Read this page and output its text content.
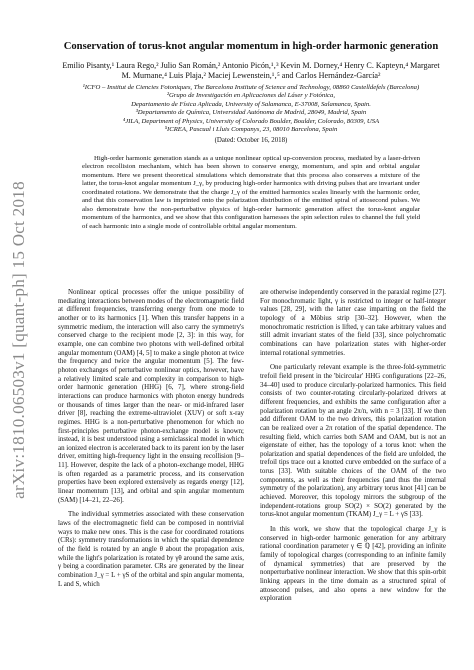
arXiv:1810.06503v1 [quant-ph] 15 Oct 2018
Conservation of torus-knot angular momentum in high-order harmonic generation
Emilio Pisanty,¹ Laura Rego,² Julio San Román,² Antonio Picón,¹‚³ Kevin M. Dorney,⁴ Henry C. Kapteyn,⁴ Margaret M. Murnane,⁴ Luis Plaja,² Maciej Lewenstein,¹‚⁵ and Carlos Hernández-García²
¹ICFO – Institut de Ciencies Fotoniques, The Barcelona Institute of Science and Technology, 08860 Castelldefels (Barcelona)
²Grupo de Investigación en Aplicaciones del Láser y Fotónica,
Departamento de Física Aplicada, University of Salamanca, E-37008, Salamanca, Spain.
³Departamento de Química, Universidad Autónoma de Madrid, 28049, Madrid, Spain
⁴JILA, Department of Physics, University of Colorado Boulder, Boulder, Colorado, 80309, USA
⁵ICREA, Pascual i Lluis Companys, 23, 08010 Barcelona, Spain
(Dated: October 16, 2018)
High-order harmonic generation stands as a unique nonlinear optical up-conversion process, mediated by a laser-driven electron recollision mechanism, which has been shown to conserve energy, momentum, and spin and orbital angular momentum. Here we present theoretical simulations which demonstrate that this process also conserves a mixture of the latter, the torus-knot angular momentum J_γ, by producing high-order harmonics with driving pulses that are invariant under coordinated rotations. We demonstrate that the charge J_γ of the emitted harmonics scales linearly with the harmonic order, and that this conservation law is imprinted onto the polarization distribution of the emitted spiral of attosecond pulses. We also demonstrate how the non-perturbative physics of high-order harmonic generation affect the torus-knot angular momentum of the harmonics, and we show that this configuration harnesses the spin selection rules to channel the full yield of each harmonic into a single mode of controllable orbital angular momentum.

Nonlinear optical processes offer the unique possibility of mediating interactions between modes of the electromagnetic field at different frequencies, transferring energy from one mode to another or to its harmonics [1]. When this transfer happens in a symmetric medium, the interaction will also carry the symmetry's conserved charge to the recipient mode [2, 3]: in this way, for example, one can combine two photons with well-defined orbital angular momentum (OAM) [4, 5] to make a single photon at twice the frequency and twice the angular momentum [5]. The few-photon exchanges of perturbative nonlinear optics, however, have a relatively limited scale and complexity in comparison to high-order harmonic generation (HHG) [6, 7], where strong-field interactions can produce harmonics with photon energy hundreds or thousands of times larger than the near- or mid-infrared laser driver [8], reaching the extreme-ultraviolet (XUV) or soft x-ray regimes. HHG is a non-perturbative phenomenon for which no first-principles perturbative photon-exchange model is known; instead, it is best understood using a semiclassical model in which an ionized electron is accelerated back to its parent ion by the laser driver, emitting high-frequency light in the ensuing recollision [9–11]. However, despite the lack of a photon-exchange model, HHG is often regarded as a parametric process, and its conservation properties have been explored extensively as regards energy [12], linear momentum [13], and orbital and spin angular momentum (SAM) [14–21, 22–26].

The individual symmetries associated with these conservation laws of the electromagnetic field can be composed in nontrivial ways to make new ones. This is the case for coordinated rotations (CRs): symmetry transformations in which the spatial dependence of the field is rotated by an angle θ about the propagation axis, while the light's polarization is rotated by γθ around the same axis, γ being a coordination parameter. CRs are generated by the linear combination J_γ = L + γS of the orbital and spin angular momenta, L and S, which

are otherwise independently conserved in the paraxial regime [27]. For monochromatic light, γ is restricted to integer or half-integer values [28, 29], with the latter case imparting on the field the topology of a Möbius strip [30–32]. However, when the monochromatic restriction is lifted, γ can take arbitrary values and still admit invariant states of the field [33], since polychromatic combinations can have polarization states with higher-order internal rotational symmetries.

One particularly relevant example is the three-fold-symmetric trefoil field present in the 'bicircular' HHG configurations [22–26, 34–40] used to produce circularly-polarized harmonics. This field consists of two counter-rotating circularly-polarized drivers at different frequencies, and exhibits the same configuration after a polarization rotation by an angle 2π/n, with n = 3 [33]. If we then add different OAM to the two drivers, this polarization rotation can be realized over a 2π rotation of the spatial dependence. The resulting field, which carries both SAM and OAM, but is not an eigenstate of either, has the topology of a torus knot: when the polarization and spatial dependences of the field are unfolded, the trefoil tips trace out a knotted curve embedded on the surface of a torus [33]. With suitable choices of the OAM of the two components, as well as their frequencies (and thus the internal symmetry of the polarization), any arbitrary torus knot [41] can be achieved. Moreover, this topology mirrors the subgroup of the independent-rotations group SO(2) × SO(2) generated by the torus-knot angular momentum (TKAM) J_γ = L + γS [33].

In this work, we show that the topological charge J_γ is conserved in high-order harmonic generation for any arbitrary rational coordination parameter γ ∈ ℚ [42], providing an infinite family of topological charges (corresponding to an infinite family of dynamical symmetries) that are preserved by the nonperturbative nonlinear interaction. We show that this spin-orbit linking appears in the time domain as a structured spiral of attosecond pulses, and also opens a new window for the exploration
